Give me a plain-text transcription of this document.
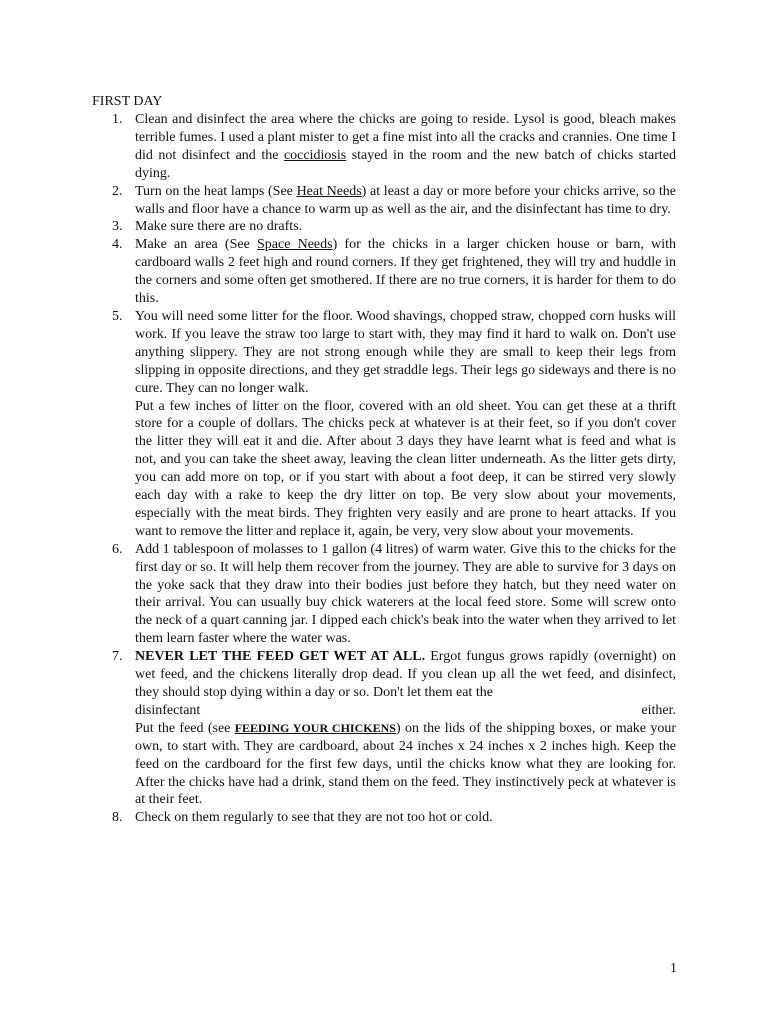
FIRST DAY
1. Clean and disinfect the area where the chicks are going to reside. Lysol is good, bleach makes terrible fumes. I used a plant mister to get a fine mist into all the cracks and crannies. One time I did not disinfect and the coccidiosis stayed in the room and the new batch of chicks started dying.
2. Turn on the heat lamps (See Heat Needs) at least a day or more before your chicks arrive, so the walls and floor have a chance to warm up as well as the air, and the disinfectant has time to dry.
3. Make sure there are no drafts.
4. Make an area (See Space Needs) for the chicks in a larger chicken house or barn, with cardboard walls 2 feet high and round corners. If they get frightened, they will try and huddle in the corners and some often get smothered. If there are no true corners, it is harder for them to do this.
5. You will need some litter for the floor. Wood shavings, chopped straw, chopped corn husks will work. If you leave the straw too large to start with, they may find it hard to walk on. Don't use anything slippery. They are not strong enough while they are small to keep their legs from slipping in opposite directions, and they get straddle legs. Their legs go sideways and there is no cure. They can no longer walk.
Put a few inches of litter on the floor, covered with an old sheet. You can get these at a thrift store for a couple of dollars. The chicks peck at whatever is at their feet, so if you don't cover the litter they will eat it and die. After about 3 days they have learnt what is feed and what is not, and you can take the sheet away, leaving the clean litter underneath. As the litter gets dirty, you can add more on top, or if you start with about a foot deep, it can be stirred very slowly each day with a rake to keep the dry litter on top. Be very slow about your movements, especially with the meat birds. They frighten very easily and are prone to heart attacks. If you want to remove the litter and replace it, again, be very, very slow about your movements.
6. Add 1 tablespoon of molasses to 1 gallon (4 litres) of warm water. Give this to the chicks for the first day or so. It will help them recover from the journey. They are able to survive for 3 days on the yoke sack that they draw into their bodies just before they hatch, but they need water on their arrival. You can usually buy chick waterers at the local feed store. Some will screw onto the neck of a quart canning jar. I dipped each chick's beak into the water when they arrived to let them learn faster where the water was.
7. NEVER LET THE FEED GET WET AT ALL. Ergot fungus grows rapidly (overnight) on wet feed, and the chickens literally drop dead. If you clean up all the wet feed, and disinfect, they should stop dying within a day or so. Don't let them eat the
disinfectant	either.
Put the feed (see FEEDING YOUR CHICKENS) on the lids of the shipping boxes, or make your own, to start with. They are cardboard, about 24 inches x 24 inches x 2 inches high. Keep the feed on the cardboard for the first few days, until the chicks know what they are looking for. After the chicks have had a drink, stand them on the feed. They instinctively peck at whatever is at their feet.
8. Check on them regularly to see that they are not too hot or cold.
1
